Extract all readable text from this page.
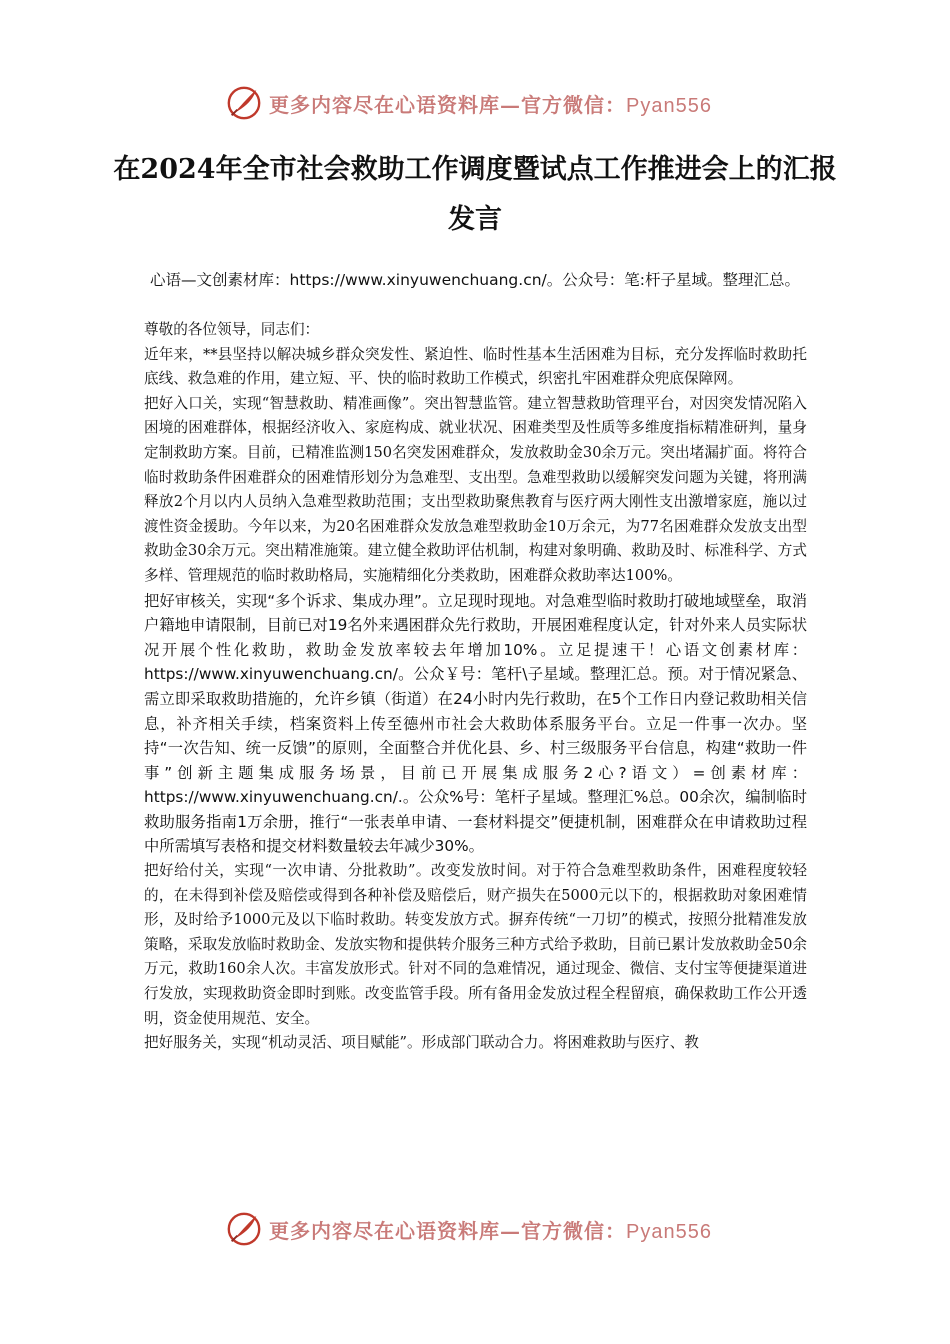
更多内容尽在心语资料库—官方微信：Pyan556
在2024年全市社会救助工作调度暨试点工作推进会上的汇报发言
心语—文创素材库：https://www.xinyuwenchuang.cn/。公众号：笔:杆子星域。整理汇总。

尊敬的各位领导，同志们：

近年来，**县坚持以解决城乡群众突发性、紧迫性、临时性基本生活困难为目标，充分发挥临时救助托底线、救急难的作用，建立短、平、快的临时救助工作模式，织密扎牢困难群众兜底保障网。

把好入口关，实现“智慧救助、精准画像”。突出智慧监管。建立智慧救助管理平台，对因突发情况陷入困境的困难群体，根据经济收入、家庭构成、就业状况、困难类型及性质等多维度指标精准研判，量身定制救助方案。目前，已精准监测150名突发困难群众，发放救助金30余万元。突出堵漏扩面。将符合临时救助条件困难群众的困难情形划分为急难型、支出型。急难型救助以缓解突发问题为关键，将刑满释放2个月以内人员纳入急难型救助范围；支出型救助聚焦教育与医疗两大刚性支出激增家庭，施以过渡性资金援助。今年以来，为20名困难群众发放急难型救助金10万余元，为77名困难群众发放支出型救助金30余万元。突出精准施策。建立健全救助评估机制，构建对象明确、救助及时、标准科学、方式多样、管理规范的临时救助格局，实施精细化分类救助，困难群众救助率达100%。

把好审核关，实现“多个诉求、集成办理”。立足现时现地。对急难型临时救助打破地域壁垒，取消户籍地申请限制，目前已对19名外来遇困群众先行救助，开展困难程度认定，针对外来人员实际状况开展个性化救助，救助金发放率较去年增加10%。立足提速干！心语文创素材库：https://www.xinyuwenchuang.cn/。公众￥号：笔杆\子星域。整理汇总。预。对于情况紧急、需立即采取救助措施的，允许乡镇（街道）在24小时内先行救助，在5个工作日内登记救助相关信息，补齐相关手续，档案资料上传至德州市社会大救助体系服务平台。立足一件事一次办。坚持“一次告知、统一反馈”的原则，全面整合并优化县、乡、村三级服务平台信息，构建“救助一件事”创新主题集成服务场景，目前已开展集成服务2心?语文）=创素材库：https://www.xinyuwenchuang.cn/.。公众%号：笔杆子星域。整理汇%总。00余次，编制临时救助服务指南1万余册，推行“一张表单申请、一套材料提交”便捷机制，困难群众在申请救助过程中所需填写表格和提交材料数量较去年减少30%。

把好给付关，实现“一次申请、分批救助”。改变发放时间。对于符合急难型救助条件，困难程度较轻的，在未得到补偿及赔偿或得到各种补偿及赔偿后，财产损失在5000元以下的，根据救助对象困难情形，及时给予1000元及以下临时救助。转变发放方式。摒弃传统“一刀切”的模式，按照分批精准发放策略，采取发放临时救助金、发放实物和提供转介服务三种方式给予救助，目前已累计发放救助金50余万元，救助160余人次。丰富发放形式。针对不同的急难情况，通过现金、微信、支付宝等便捷渠道进行发放，实现救助资金即时到账。改变监管手段。所有备用金发放过程全程留痕，确保救助工作公开透明，资金使用规范、安全。

把好服务关，实现“机动灵活、项目赋能”。形成部门联动合力。将困难救助与医疗、教

更多内容尽在心语资料库—官方微信：Pyan556
